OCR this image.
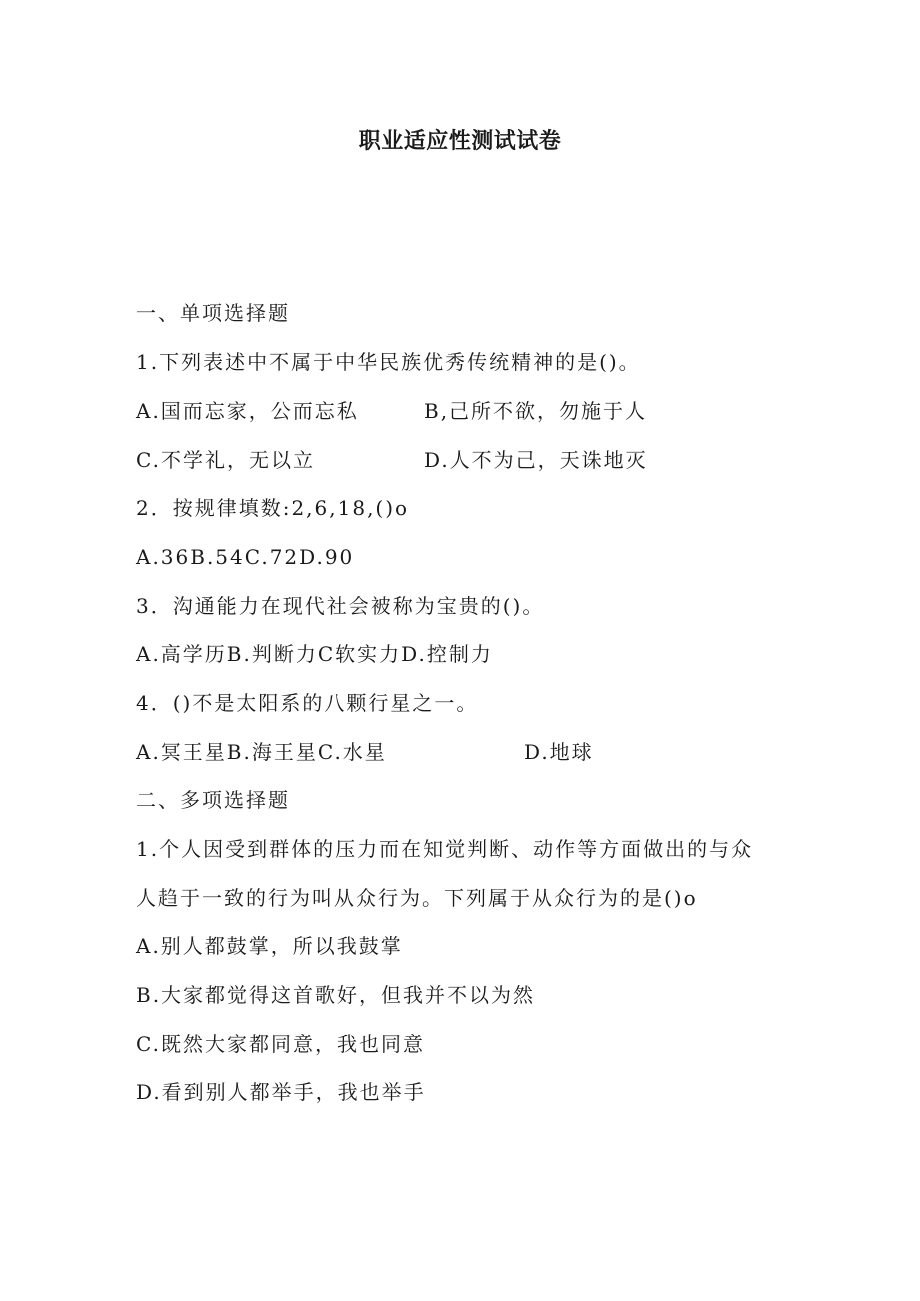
职业适应性测试试卷
一、单项选择题
1.下列表述中不属于中华民族优秀传统精神的是()。
A.国而忘家，公而忘私	B,己所不欲，勿施于人
C.不学礼，无以立	D.人不为己，天诛地灭
2．按规律填数:2,6,18,()o
A.36B.54C.72D.90
3．沟通能力在现代社会被称为宝贵的()。
A.高学历B.判断力C软实力D.控制力
4．()不是太阳系的八颗行星之一。
A.冥王星B.海王星C.水星	D.地球
二、多项选择题
1.个人因受到群体的压力而在知觉判断、动作等方面做出的与众
人趋于一致的行为叫从众行为。下列属于从众行为的是()o
A.别人都鼓掌，所以我鼓掌
B.大家都觉得这首歌好，但我并不以为然
C.既然大家都同意，我也同意
D.看到别人都举手，我也举手
